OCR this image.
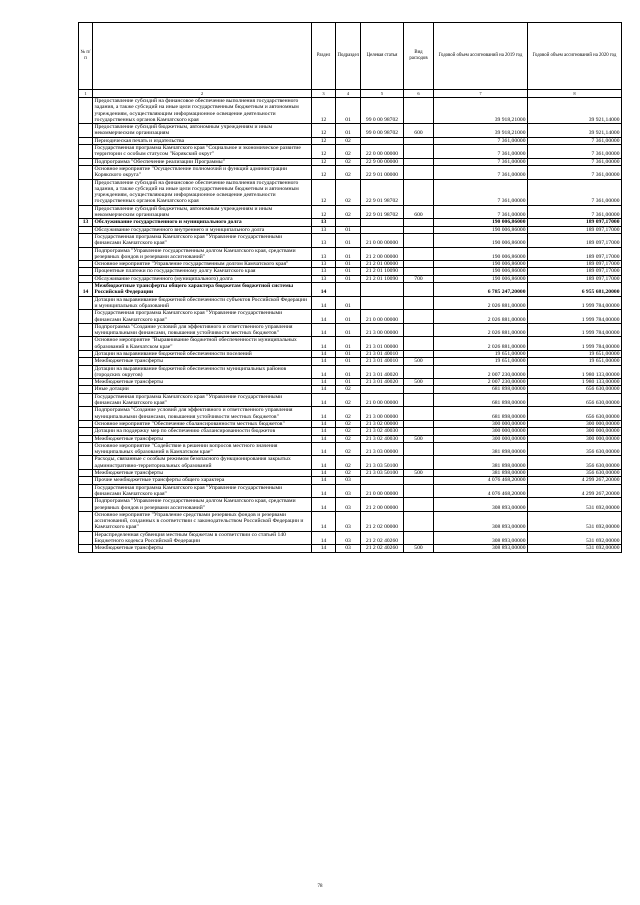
№ п/п		Раздел	Подраздел	Целевая статья	Вид расходов	Годовой объем ассигнований на 2019 год	Годовой объем ассигнований на 2020 год
1	2	3	4	5	6	7	8
	Предоставление субсидий на финансовое обеспечение выполнения государственного задания, а также субсидий на иные цели государственным бюджетным и автономным учреждениям, осуществляющим информационное освещение деятельности государственных органов Камчатского края	12	01	99 0 00 98702		39 918,21000	39 921,14000
	Предоставление субсидий бюджетным, автономным учреждениям и иным некоммерческим организациям	12	01	99 0 00 98702	600	39 918,21000	39 921,14000
	Периодическая печать и издательства	12	02			7 361,00000	7 361,00000
	Государственная программа Камчатского края "Социальное и экономическое развитие территории с особым статусом "Корякский округ"	12	02	22 0 00 00000		7 361,00000	7 361,00000
	Подпрограмма "Обеспечение реализации Программы"	12	02	22 9 00 00000		7 361,00000	7 361,00000
	Основное мероприятие "Осуществление полномочий и функций администрации Корякского округа"	12	02	22 9 01 00000		7 361,00000	7 361,00000
	Предоставление субсидий на финансовое обеспечение выполнения государственного задания, а также субсидий на иные цели государственным бюджетным и автономным учреждениям, осуществляющим информационное освещение деятельности государственных органов Камчатского края	12	02	22 9 01 98702		7 361,00000	7 361,00000
	Предоставление субсидий бюджетным, автономным учреждениям и иным некоммерческим организациям	12	02	22 9 01 98702	600	7 361,00000	7 361,00000
13	Обслуживание государственного и муниципального долга	13				190 006,86000	189 097,17000
	Обслуживание государственного внутреннего и муниципального долга	13	01			190 006,86000	189 097,17000
	Государственная программа Камчатского края "Управление государственными финансами Камчатского края"	13	01	21 0 00 00000		190 006,86000	189 097,17000
	Подпрограмма "Управление государственным долгом Камчатского края, средствами резервных фондов и резервами ассигнований"	13	01	21 2 00 00000		190 006,86000	189 097,17000
	Основное мероприятие "Управление государственным долгом Камчатского края"	13	01	21 2 01 00000		190 006,86000	189 097,17000
	Процентные платежи по государственному долгу Камчатского края	13	01	21 2 01 10090		190 006,86000	189 097,17000
	Обслуживание государственного (муниципального) долга	13	01	21 2 01 10090	700	190 006,86000	189 097,17000
14	Межбюджетные трансферты общего характера бюджетам бюджетной системы Российской Федерации	14				6 785 247,20000	6 955 681,20000
	Дотации на выравнивание бюджетной обеспеченности субъектов Российской Федерации и муниципальных образований	14	01			2 026 881,00000	1 999 784,00000
	Государственная программа Камчатского края "Управление государственными финансами Камчатского края"	14	01	21 0 00 00000		2 026 881,00000	1 999 784,00000
	Подпрограмма "Создание условий для эффективного и ответственного управления муниципальными финансами, повышения устойчивости местных бюджетов"	14	01	21 3 00 00000		2 026 881,00000	1 999 784,00000
	Основное мероприятие "Выравнивание бюджетной обеспеченности муниципальных образований в Камчатском крае"	14	01	21 3 01 00000		2 026 881,00000	1 999 784,00000
	Дотации на выравнивание бюджетной обеспеченности поселений	14	01	21 3 01 40010		19 651,00000	19 651,00000
	Межбюджетные трансферты	14	01	21 3 01 40010	500	19 651,00000	19 651,00000
	Дотации на выравнивание бюджетной обеспеченности муниципальных районов (городских округов)	14	01	21 3 01 40020		2 007 230,00000	1 980 133,00000
	Межбюджетные трансферты	14	01	21 3 01 40020	500	2 007 230,00000	1 980 133,00000
	Иные дотации	14	02			681 898,00000	656 630,00000
	Государственная программа Камчатского края "Управление государственными финансами Камчатского края"	14	02	21 0 00 00000		681 898,00000	656 630,00000
	Подпрограмма "Создание условий для эффективного и ответственного управления муниципальными финансами, повышения устойчивости местных бюджетов"	14	02	21 3 00 00000		681 898,00000	656 630,00000
	Основное мероприятие "Обеспечение сбалансированности местных бюджетов"	14	02	21 3 02 00000		300 000,00000	300 000,00000
	Дотации на поддержку мер по обеспечению сбалансированности бюджетов	14	02	21 3 02 40030		300 000,00000	300 000,00000
	Межбюджетные трансферты	14	02	21 3 02 40030	500	300 000,00000	300 000,00000
	Основное мероприятие "Содействие в решении вопросов местного значения муниципальных образований в Камчатском крае"	14	02	21 3 03 00000		381 898,00000	356 630,00000
	Расходы, связанные с особым режимом безопасного функционирования закрытых административно-территориальных образований	14	02	21 3 03 50100		381 898,00000	356 630,00000
	Межбюджетные трансферты	14	02	21 3 03 50100	500	381 898,00000	356 630,00000
	Прочие межбюджетные трансферты общего характера	14	03			4 076 468,20000	4 299 267,20000
	Государственная программа Камчатского края "Управление государственными финансами Камчатского края"	14	03	21 0 00 00000		4 076 468,20000	4 299 267,20000
	Подпрограмма "Управление государственным долгом Камчатского края, средствами резервных фондов и резервами ассигнований"	14	03	21 2 00 00000		308 893,00000	531 692,00000
	Основное мероприятие "Управление средствами резервных фондов и резервами ассигнований, созданных в соответствии с законодательством Российской Федерации и Камчатского края"	14	03	21 2 02 00000		308 893,00000	531 692,00000
	Нераспределенная субвенция местным бюджетам в соответствии со статьей 140 Бюджетного кодекса Российской Федерации	14	03	21 2 02 40260		308 893,00000	531 692,00000
	Межбюджетные трансферты	14	03	21 2 02 40260	500	308 893,00000	531 692,00000
78
